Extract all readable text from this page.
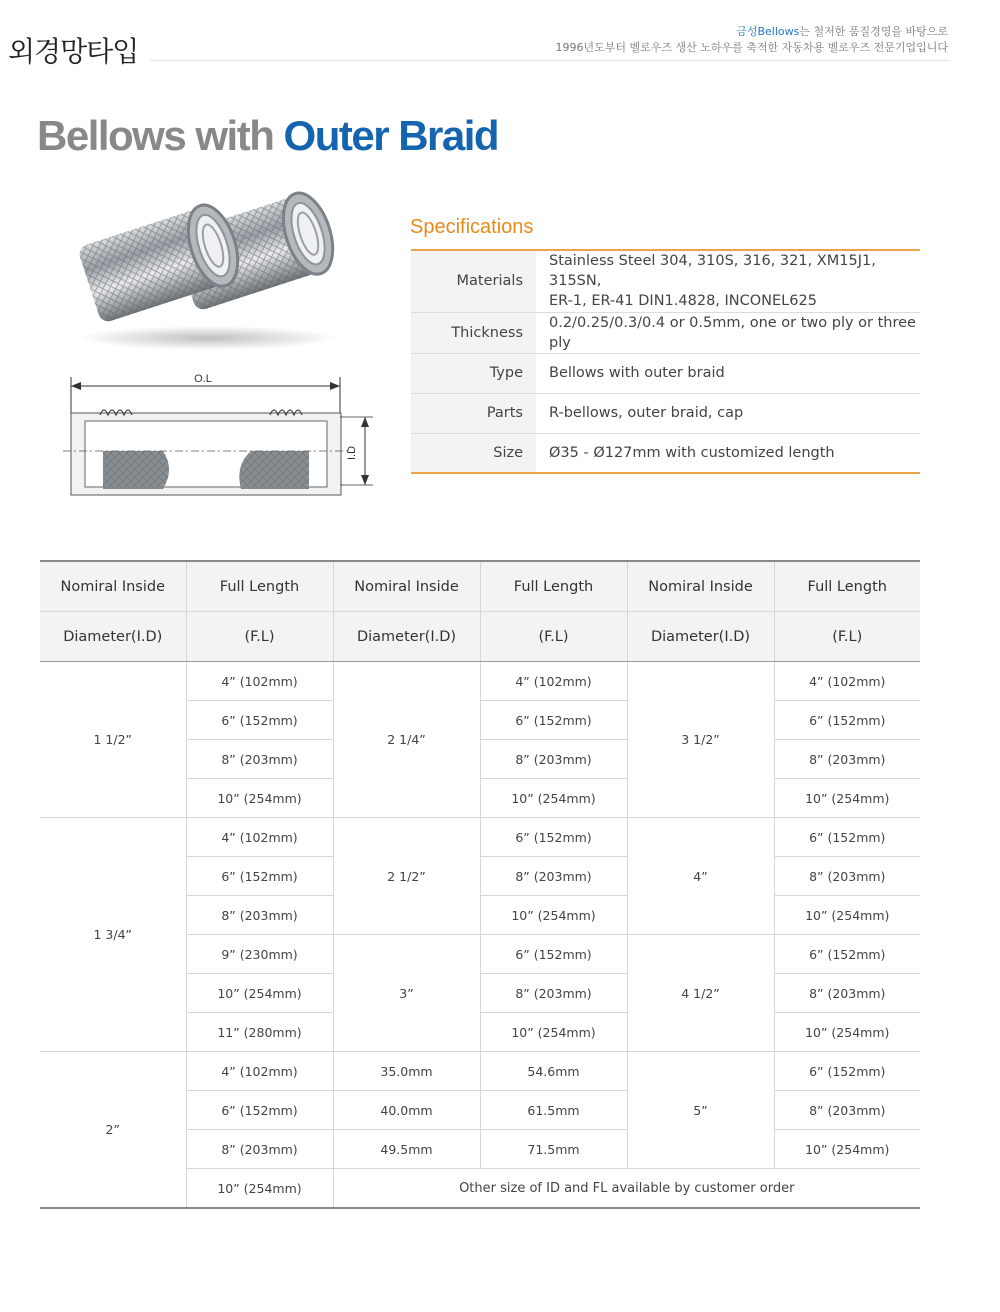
외경망타입
금성Bellows는 철저한 품질경영을 바탕으로
1996년도부터 벨로우즈 생산 노하우를 축적한 자동차용 벨로우즈 전문기업입니다
Bellows with Outer Braid
O.L
I.D
Specifications
Materials	Stainless Steel 304, 310S, 316, 321, XM15J1, 315SN,
ER-1, ER-41 DIN1.4828, INCONEL625

Thickness	0.2/0.25/0.3/0.4 or 0.5mm, one or two ply or three ply
Type	Bellows with outer braid
Parts	R-bellows, outer braid, cap
Size	Ø35 - Ø127mm with customized length
Nomiral Inside	Full Length	Nomiral Inside	Full Length	Nomiral Inside	Full Length
Diameter(I.D)	(F.L)	Diameter(I.D)	(F.L)	Diameter(I.D)	(F.L)
1 1/2”	4” (102mm)	2 1/4”	4” (102mm)	3 1/2”	4” (102mm)
	6” (152mm)		6” (152mm)		6” (152mm)
	8” (203mm)		8” (203mm)		8” (203mm)
	10” (254mm)		10” (254mm)		10” (254mm)
1 3/4”	4” (102mm)	2 1/2”	6” (152mm)	4”	6” (152mm)
	6” (152mm)		8” (203mm)		8” (203mm)
	8” (203mm)		10” (254mm)		10” (254mm)
	9” (230mm)	3”	6” (152mm)	4 1/2”	6” (152mm)
	10” (254mm)		8” (203mm)		8” (203mm)
	11” (280mm)		10” (254mm)		10” (254mm)
2”	4” (102mm)	35.0mm	54.6mm	5”	6” (152mm)
	6” (152mm)	40.0mm	61.5mm		8” (203mm)
	8” (203mm)	49.5mm	71.5mm		10” (254mm)
	10” (254mm)	Other size of ID and FL available by customer order			
